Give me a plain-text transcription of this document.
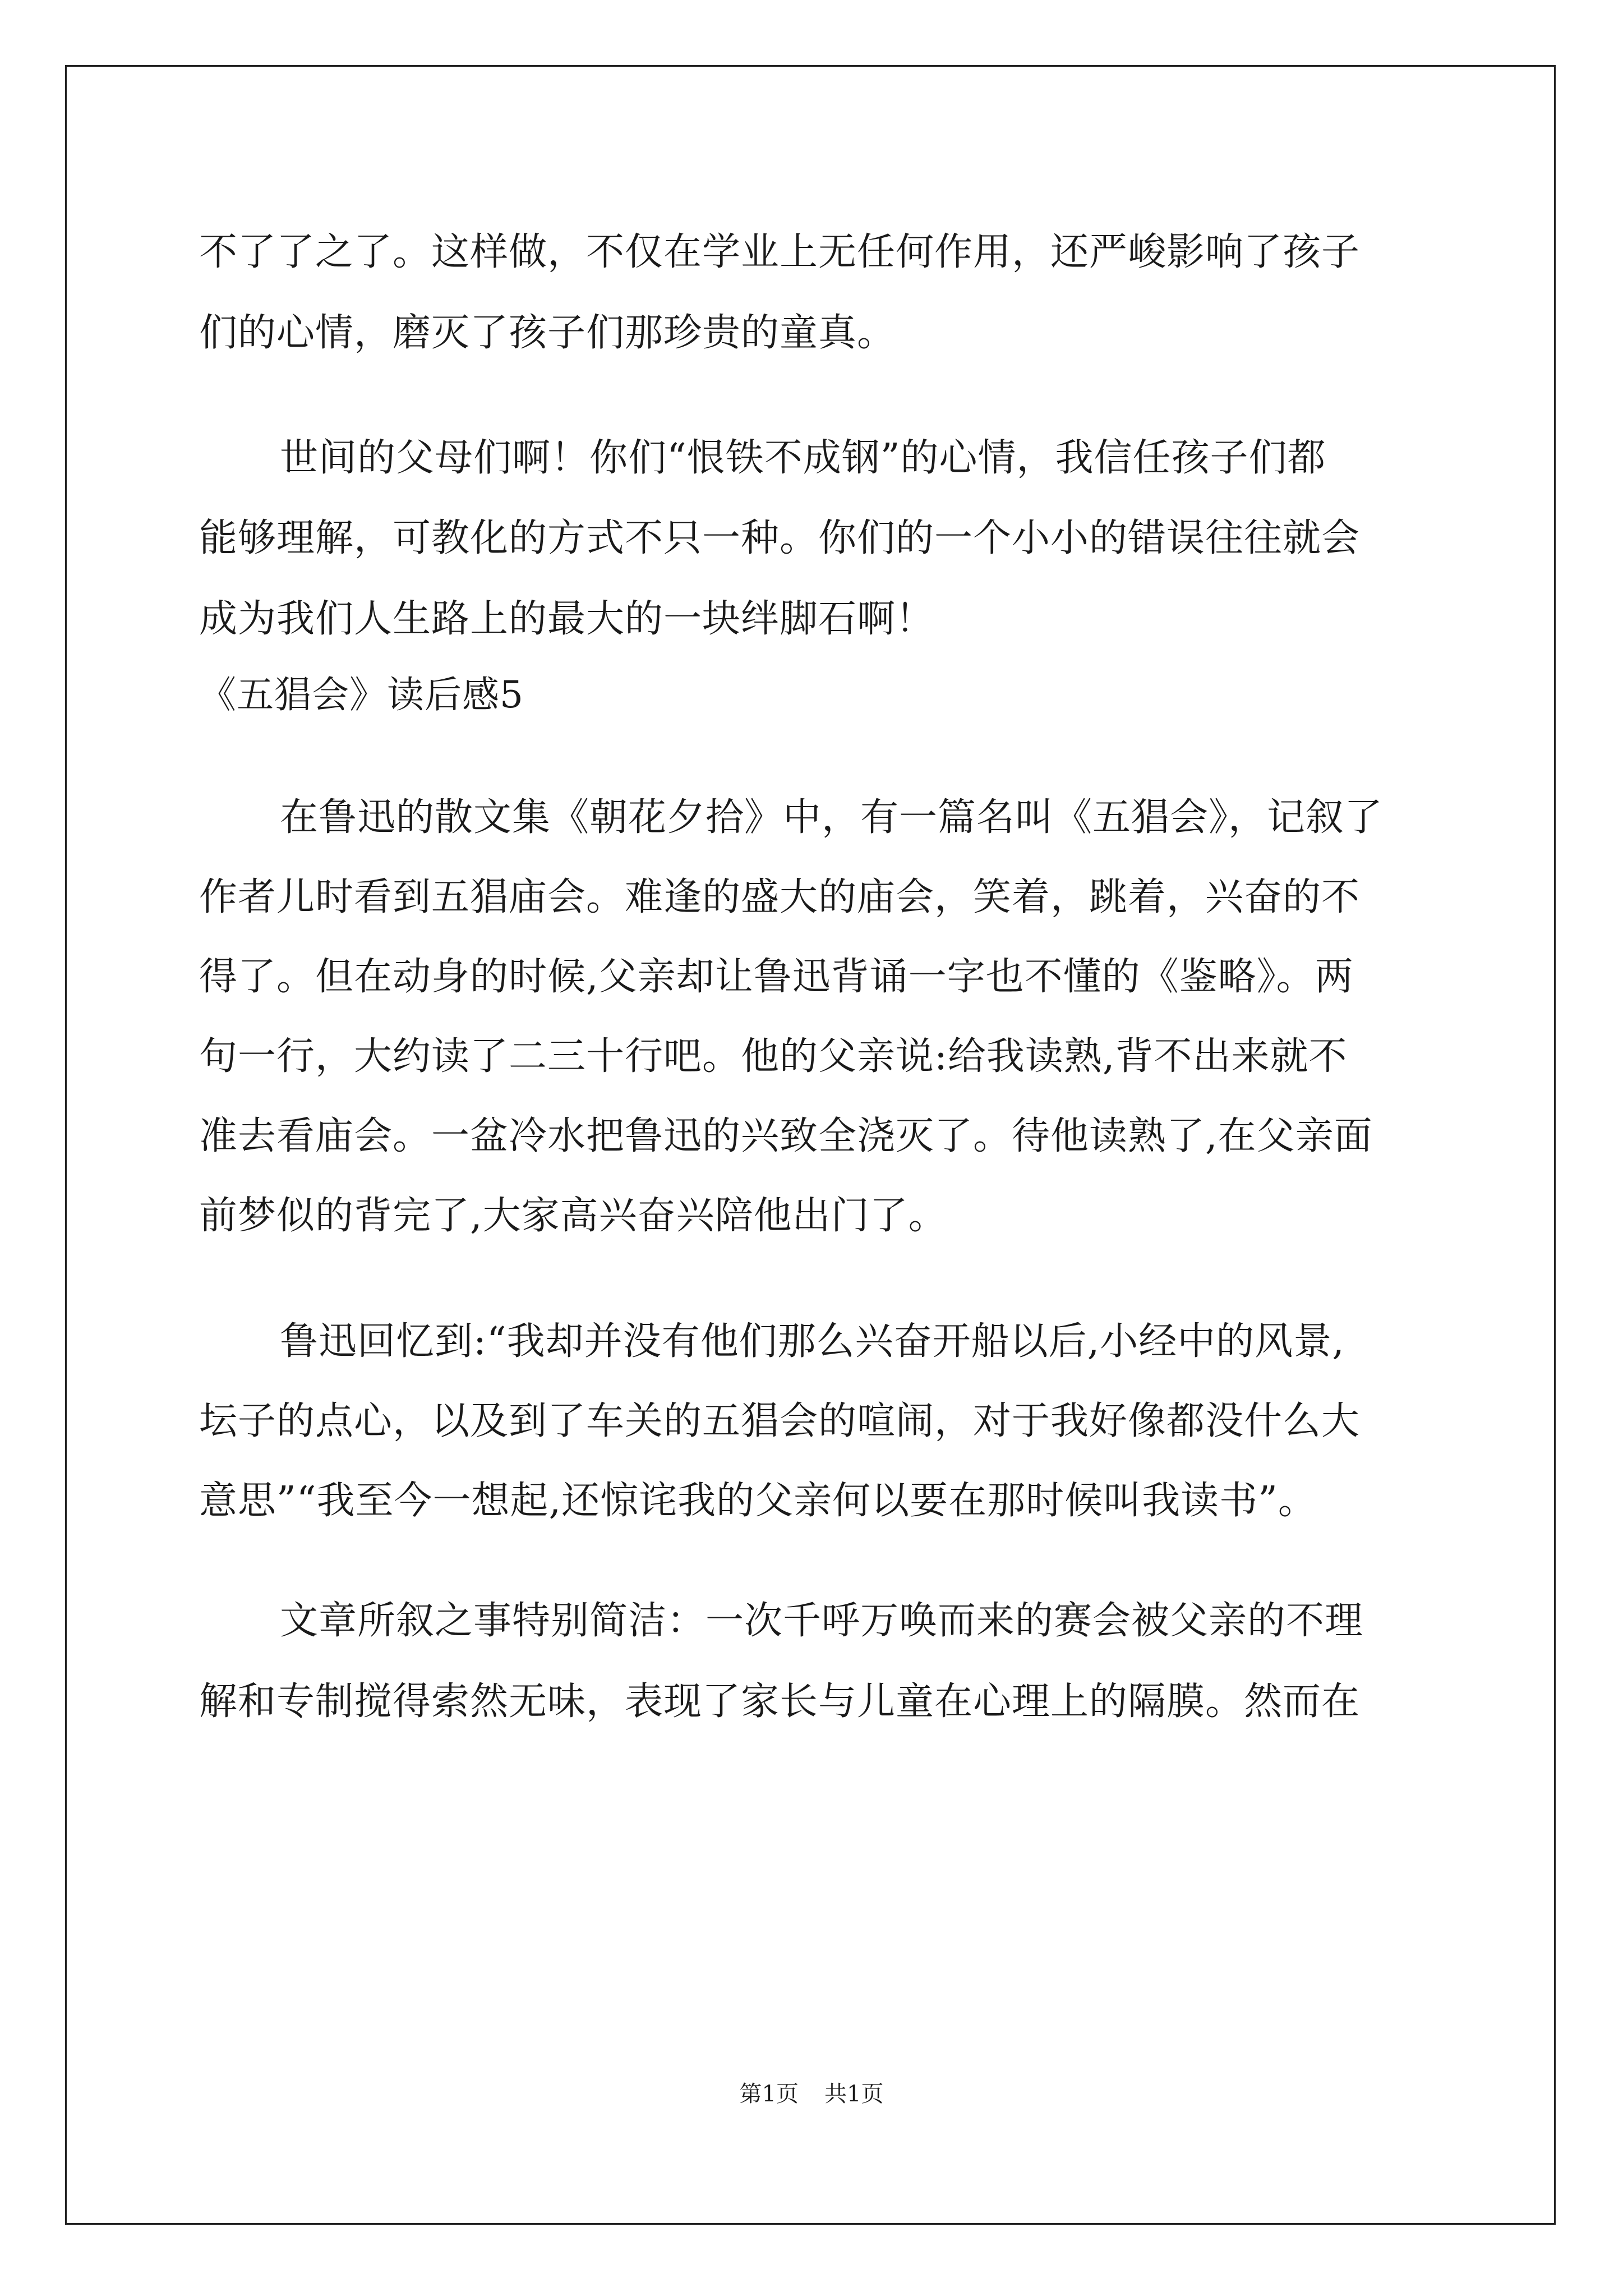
不了了之了。这样做，不仅在学业上无任何作用，还严峻影响了孩子
们的心情，磨灭了孩子们那珍贵的童真。
世间的父母们啊！你们“恨铁不成钢”的心情，我信任孩子们都
能够理解，可教化的方式不只一种。你们的一个小小的错误往往就会
成为我们人生路上的最大的一块绊脚石啊！
《五猖会》读后感5
在鲁迅的散文集《朝花夕拾》中，有一篇名叫《五猖会》，记叙了
作者儿时看到五猖庙会。难逢的盛大的庙会，笑着，跳着，兴奋的不
得了。但在动身的时候,父亲却让鲁迅背诵一字也不懂的《鉴略》。两
句一行，大约读了二三十行吧。他的父亲说:给我读熟,背不出来就不
准去看庙会。一盆冷水把鲁迅的兴致全浇灭了。待他读熟了,在父亲面
前梦似的背完了,大家高兴奋兴陪他出门了。
鲁迅回忆到:“我却并没有他们那么兴奋开船以后,小经中的风景,
坛子的点心，以及到了车关的五猖会的喧闹，对于我好像都没什么大
意思”“我至今一想起,还惊诧我的父亲何以要在那时候叫我读书”。
文章所叙之事特别简洁：一次千呼万唤而来的赛会被父亲的不理
解和专制搅得索然无味，表现了家长与儿童在心理上的隔膜。然而在
第1页 共1页
